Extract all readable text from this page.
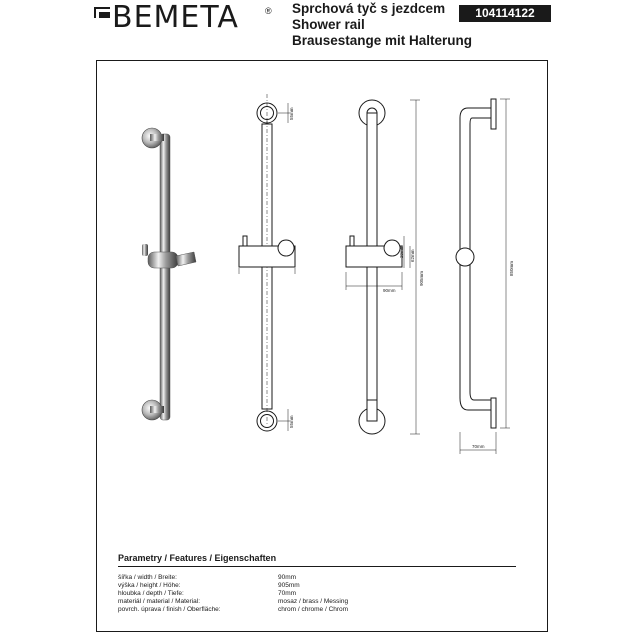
BEMETA	® Sprchová tyč s jezdcem
Shower rail
Brausestange mit Halterung
104114122
55mm
55mm
90mm
905mm
29mm 62mm
850mm
70mm
Parametry / Features / Eigenschaften
šířka / width / Breite:	90mm
výška / height / Höhe:	905mm
hloubka / depth / Tiefe:	70mm
materiál / material / Material:	mosaz / brass / Messing
povrch. úprava / finish / Oberfläche:	chrom / chrome / Chrom
